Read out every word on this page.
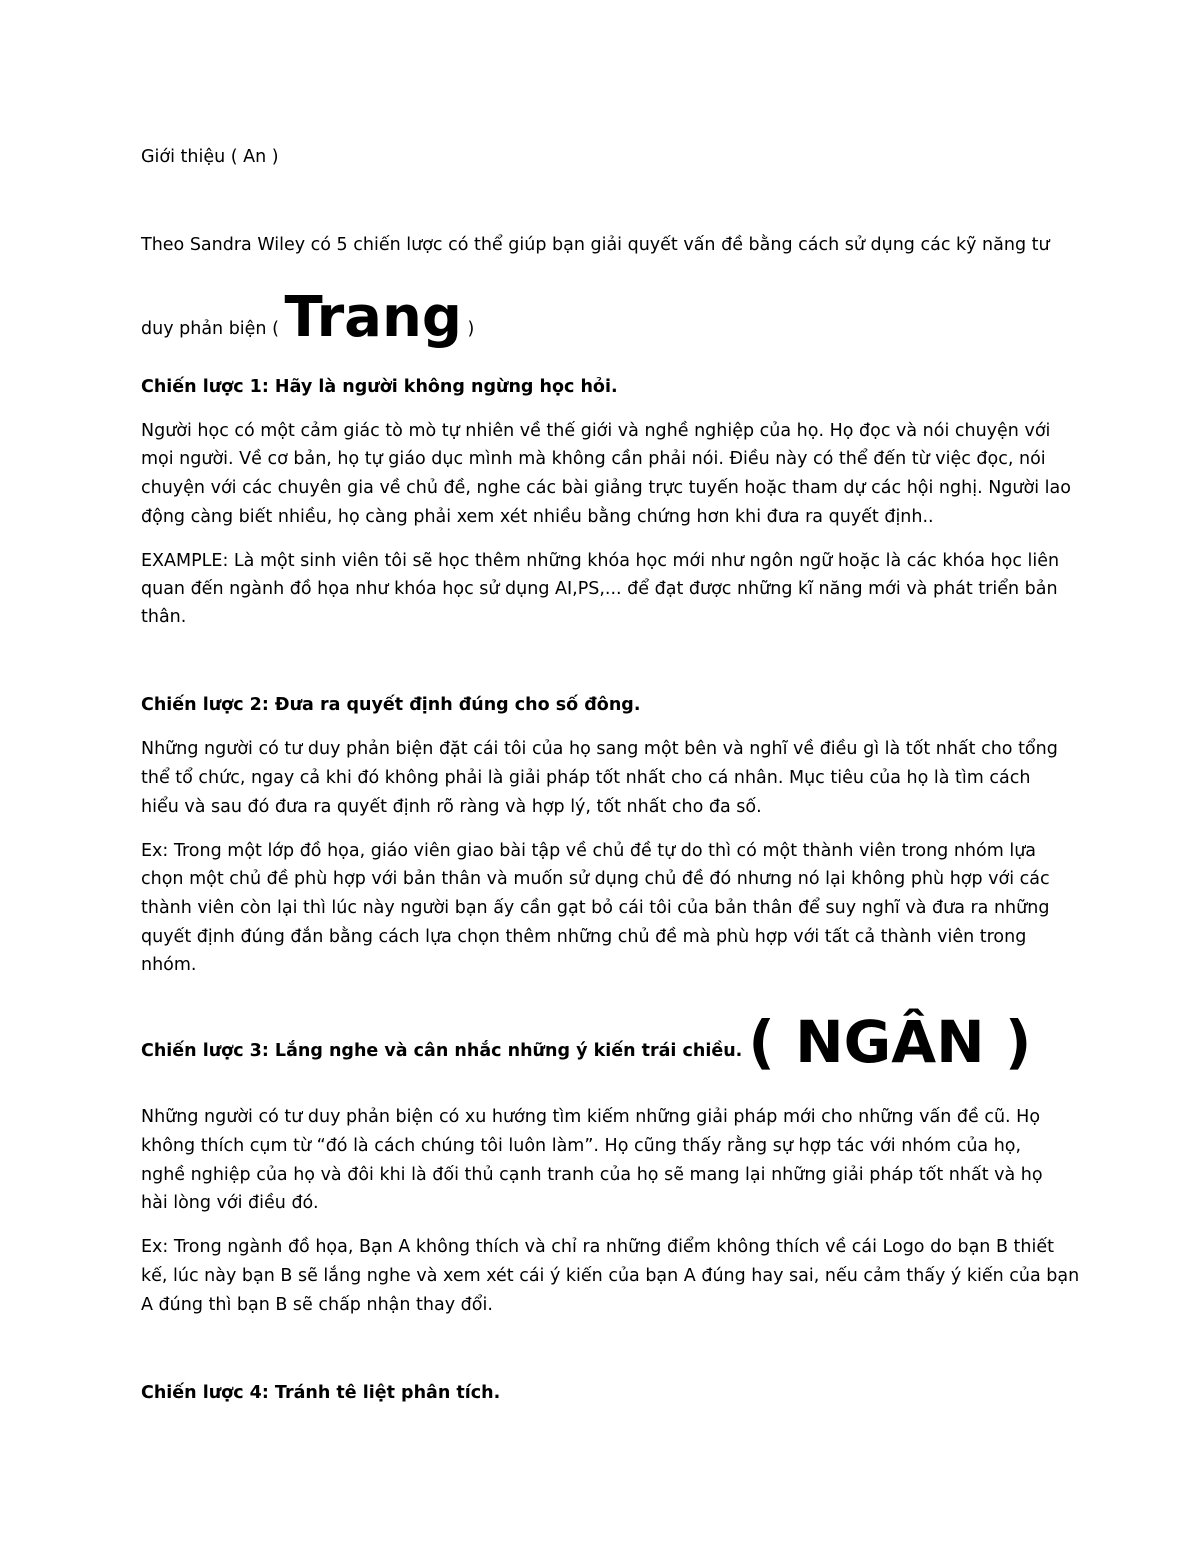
Giới thiệu ( An )
Theo Sandra Wiley có 5 chiến lược có thể giúp bạn giải quyết vấn đề bằng cách sử dụng các kỹ năng tư
duy phản biện ( Trang )
Chiến lược 1: Hãy là người không ngừng học hỏi.
Người học có một cảm giác tò mò tự nhiên về thế giới và nghề nghiệp của họ. Họ đọc và nói chuyện với
mọi người. Về cơ bản, họ tự giáo dục mình mà không cần phải nói. Điều này có thể đến từ việc đọc, nói
chuyện với các chuyên gia về chủ đề, nghe các bài giảng trực tuyến hoặc tham dự các hội nghị. Người lao
động càng biết nhiều, họ càng phải xem xét nhiều bằng chứng hơn khi đưa ra quyết định..
EXAMPLE: Là một sinh viên tôi sẽ học thêm những khóa học mới như ngôn ngữ hoặc là các khóa học liên
quan đến ngành đồ họa như khóa học sử dụng AI,PS,... để đạt được những kĩ năng mới và phát triển bản
thân.
Chiến lược 2: Đưa ra quyết định đúng cho số đông.
Những người có tư duy phản biện đặt cái tôi của họ sang một bên và nghĩ về điều gì là tốt nhất cho tổng
thể tổ chức, ngay cả khi đó không phải là giải pháp tốt nhất cho cá nhân. Mục tiêu của họ là tìm cách
hiểu và sau đó đưa ra quyết định rõ ràng và hợp lý, tốt nhất cho đa số.
Ex: Trong một lớp đồ họa, giáo viên giao bài tập về chủ đề tự do thì có một thành viên trong nhóm lựa
chọn một chủ đề phù hợp với bản thân và muốn sử dụng chủ đề đó nhưng nó lại không phù hợp với các
thành viên còn lại thì lúc này người bạn ấy cần gạt bỏ cái tôi của bản thân để suy nghĩ và đưa ra những
quyết định đúng đắn bằng cách lựa chọn thêm những chủ đề mà phù hợp với tất cả thành viên trong
nhóm.
Chiến lược 3: Lắng nghe và cân nhắc những ý kiến trái chiều. ( NGÂN )
Những người có tư duy phản biện có xu hướng tìm kiếm những giải pháp mới cho những vấn đề cũ. Họ
không thích cụm từ “đó là cách chúng tôi luôn làm”. Họ cũng thấy rằng sự hợp tác với nhóm của họ,
nghề nghiệp của họ và đôi khi là đối thủ cạnh tranh của họ sẽ mang lại những giải pháp tốt nhất và họ
hài lòng với điều đó.
Ex: Trong ngành đồ họa, Bạn A không thích và chỉ ra những điểm không thích về cái Logo do bạn B thiết
kế, lúc này bạn B sẽ lắng nghe và xem xét cái ý kiến của bạn A đúng hay sai, nếu cảm thấy ý kiến của bạn
A đúng thì bạn B sẽ chấp nhận thay đổi.
Chiến lược 4: Tránh tê liệt phân tích.
